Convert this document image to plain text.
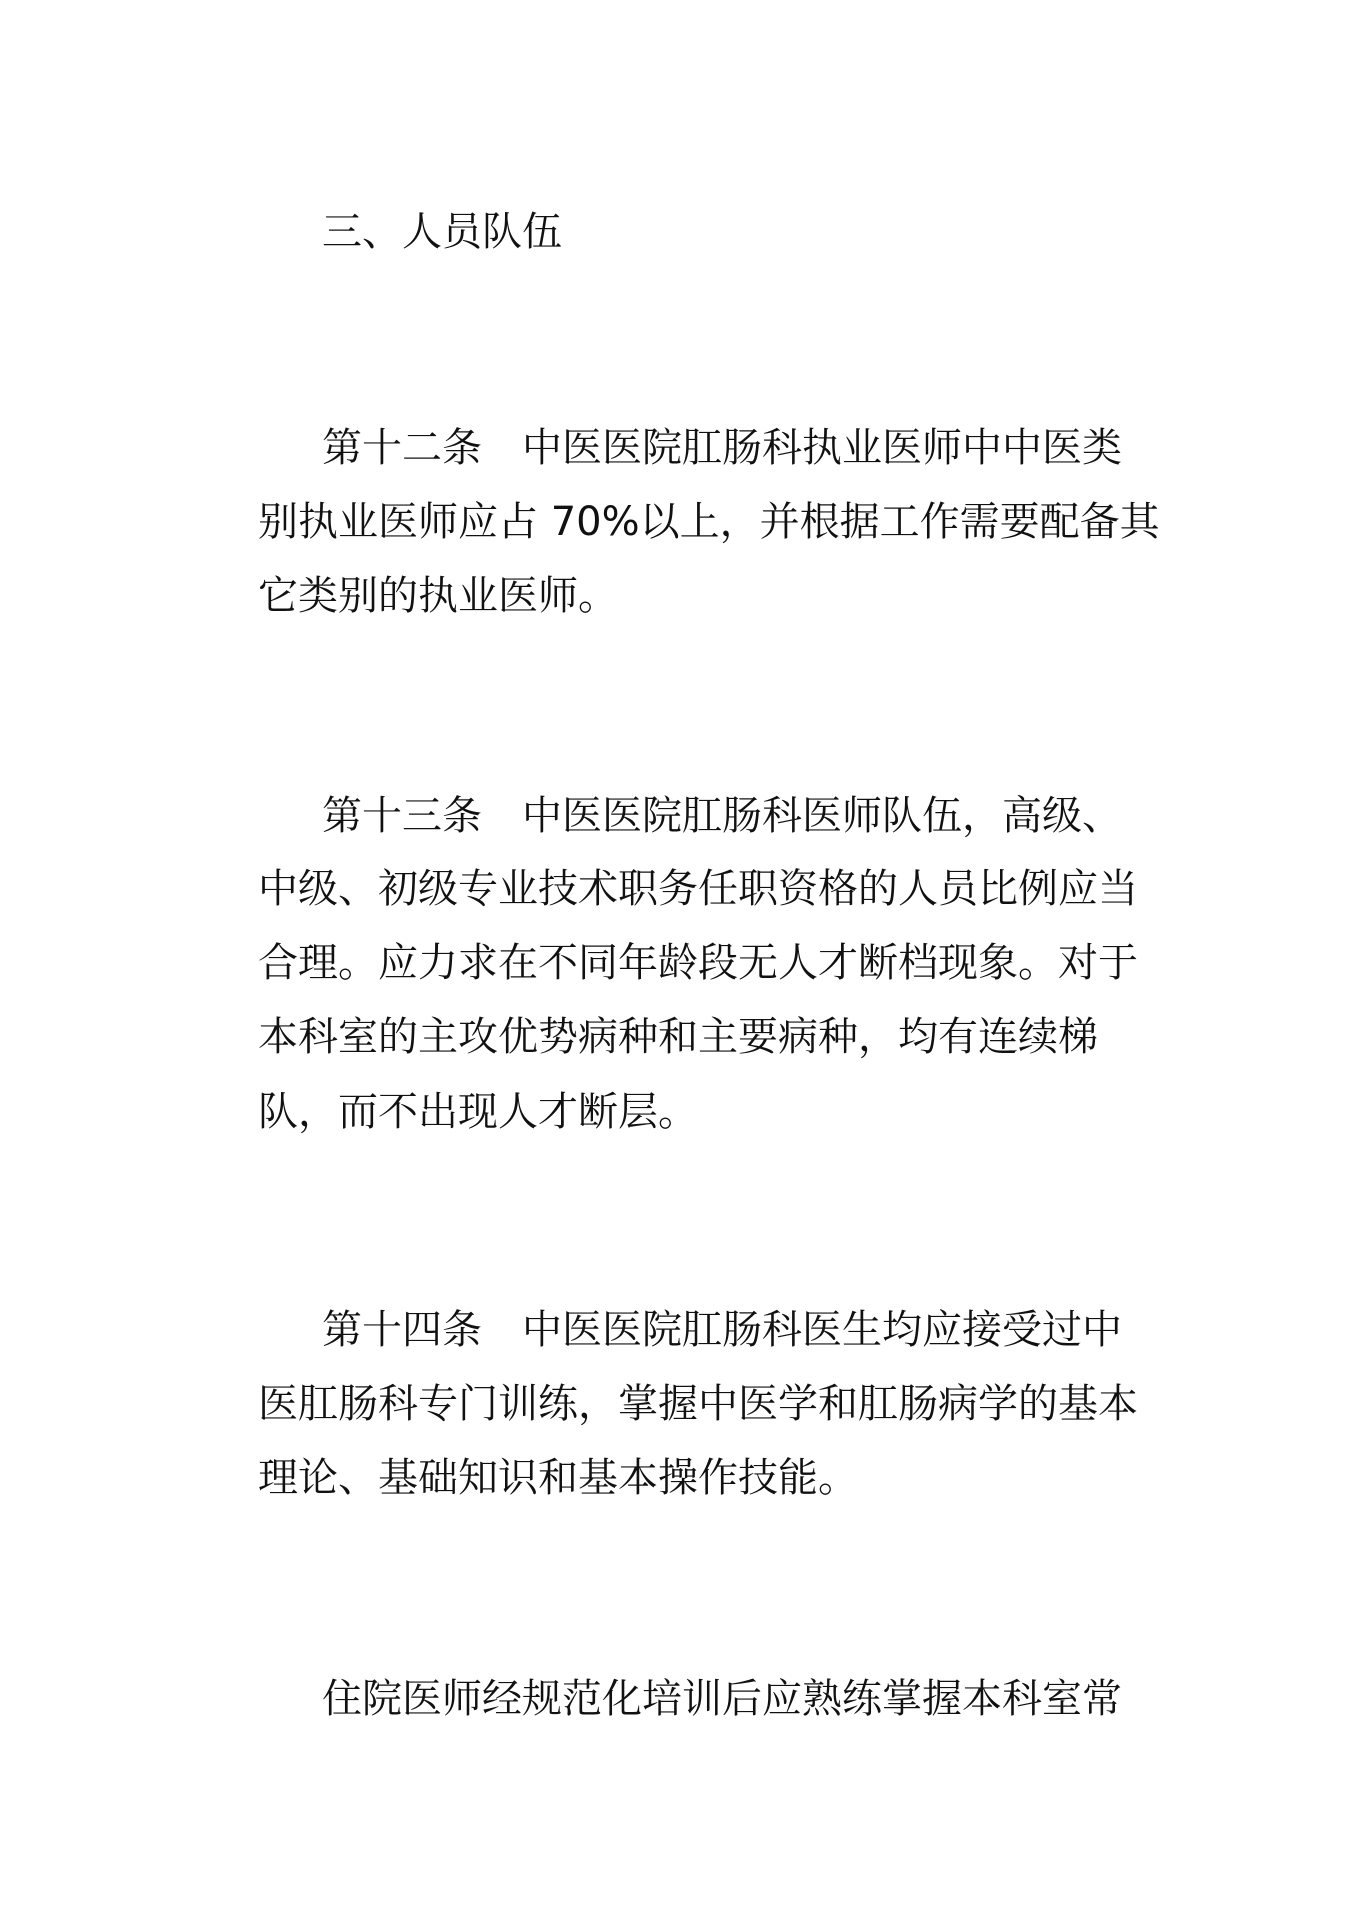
三、人员队伍

第十二条 中医医院肛肠科执业医师中中医类

别执业医师应占 70%以上，并根据工作需要配备其

它类别的执业医师。

第十三条 中医医院肛肠科医师队伍，高级、

中级、初级专业技术职务任职资格的人员比例应当

合理。应力求在不同年龄段无人才断档现象。对于

本科室的主攻优势病种和主要病种，均有连续梯

队，而不出现人才断层。

第十四条 中医医院肛肠科医生均应接受过中

医肛肠科专门训练，掌握中医学和肛肠病学的基本

理论、基础知识和基本操作技能。

住院医师经规范化培训后应熟练掌握本科室常
